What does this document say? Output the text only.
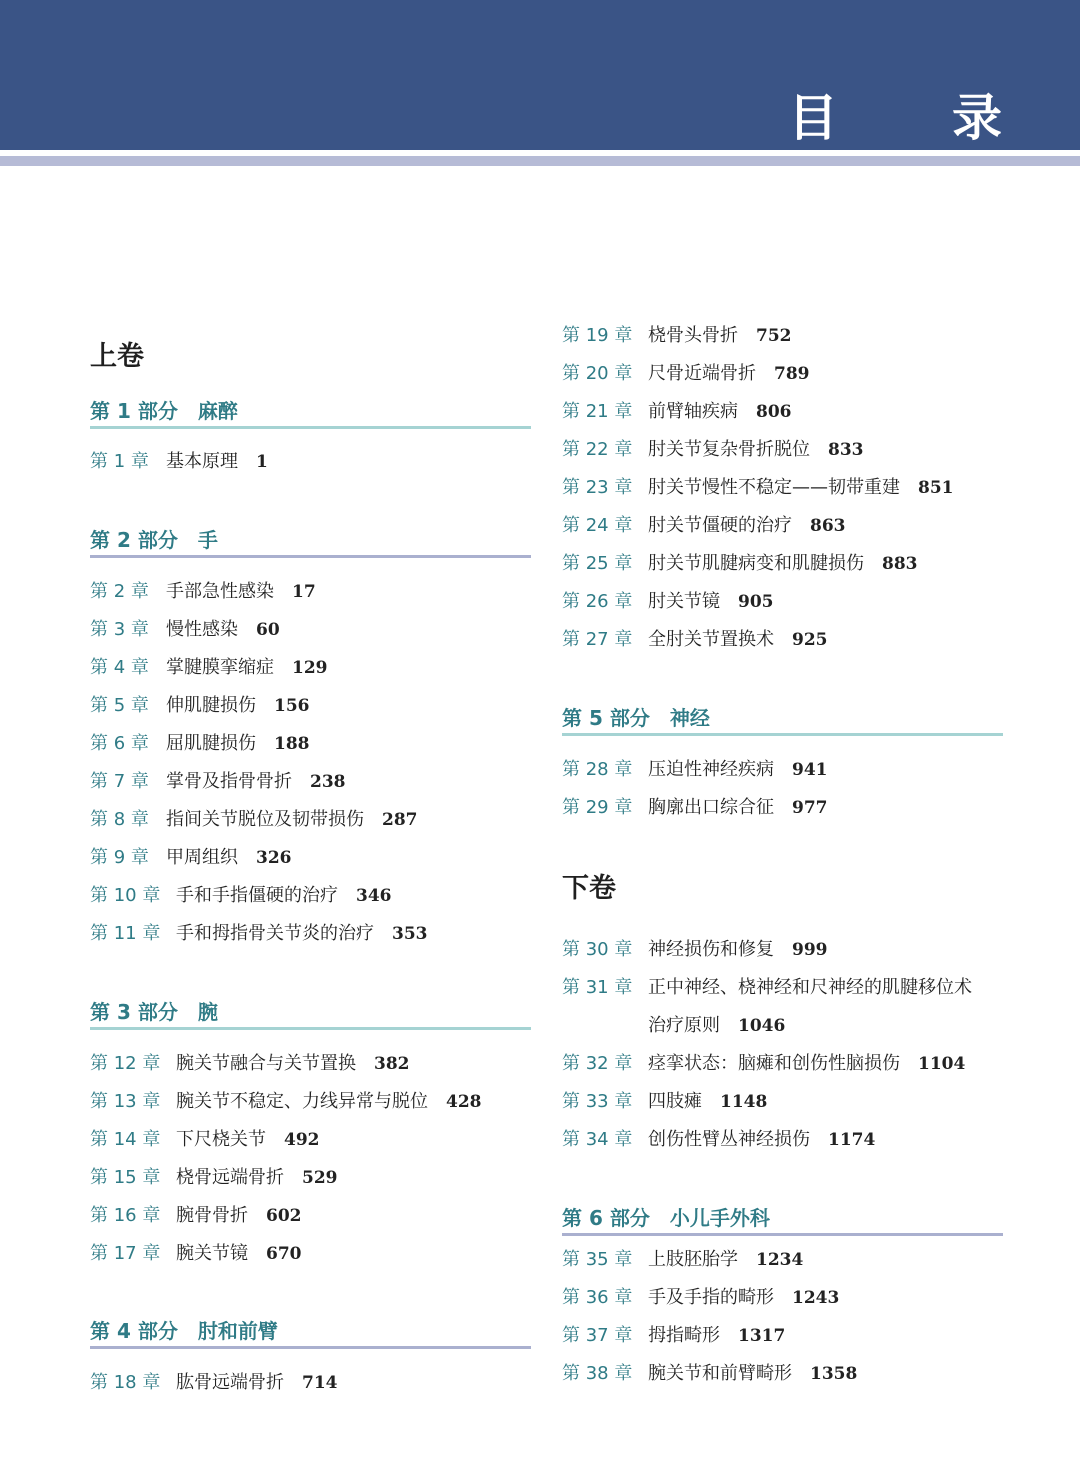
目 录
上卷
第 1 部分 麻醉
第 1 章 基本原理 1
第 2 部分 手
第 2 章 手部急性感染 17
第 3 章 慢性感染 60
第 4 章 掌腱膜挛缩症 129
第 5 章 伸肌腱损伤 156
第 6 章 屈肌腱损伤 188
第 7 章 掌骨及指骨骨折 238
第 8 章 指间关节脱位及韧带损伤 287
第 9 章 甲周组织 326
第 10 章 手和手指僵硬的治疗 346
第 11 章 手和拇指骨关节炎的治疗 353
第 3 部分 腕
第 12 章 腕关节融合与关节置换 382
第 13 章 腕关节不稳定、力线异常与脱位 428
第 14 章 下尺桡关节 492
第 15 章 桡骨远端骨折 529
第 16 章 腕骨骨折 602
第 17 章 腕关节镜 670
第 4 部分 肘和前臂
第 18 章 肱骨远端骨折 714
第 19 章 桡骨头骨折 752
第 20 章 尺骨近端骨折 789
第 21 章 前臂轴疾病 806
第 22 章 肘关节复杂骨折脱位 833
第 23 章 肘关节慢性不稳定——韧带重建 851
第 24 章 肘关节僵硬的治疗 863
第 25 章 肘关节肌腱病变和肌腱损伤 883
第 26 章 肘关节镜 905
第 27 章 全肘关节置换术 925
第 5 部分 神经
第 28 章 压迫性神经疾病 941
第 29 章 胸廓出口综合征 977
下卷
第 30 章 神经损伤和修复 999
第 31 章 正中神经、桡神经和尺神经的肌腱移位术
治疗原则 1046
第 32 章 痉挛状态：脑瘫和创伤性脑损伤 1104
第 33 章 四肢瘫 1148
第 34 章 创伤性臂丛神经损伤 1174
第 6 部分 小儿手外科
第 35 章 上肢胚胎学 1234
第 36 章 手及手指的畸形 1243
第 37 章 拇指畸形 1317
第 38 章 腕关节和前臂畸形 1358
